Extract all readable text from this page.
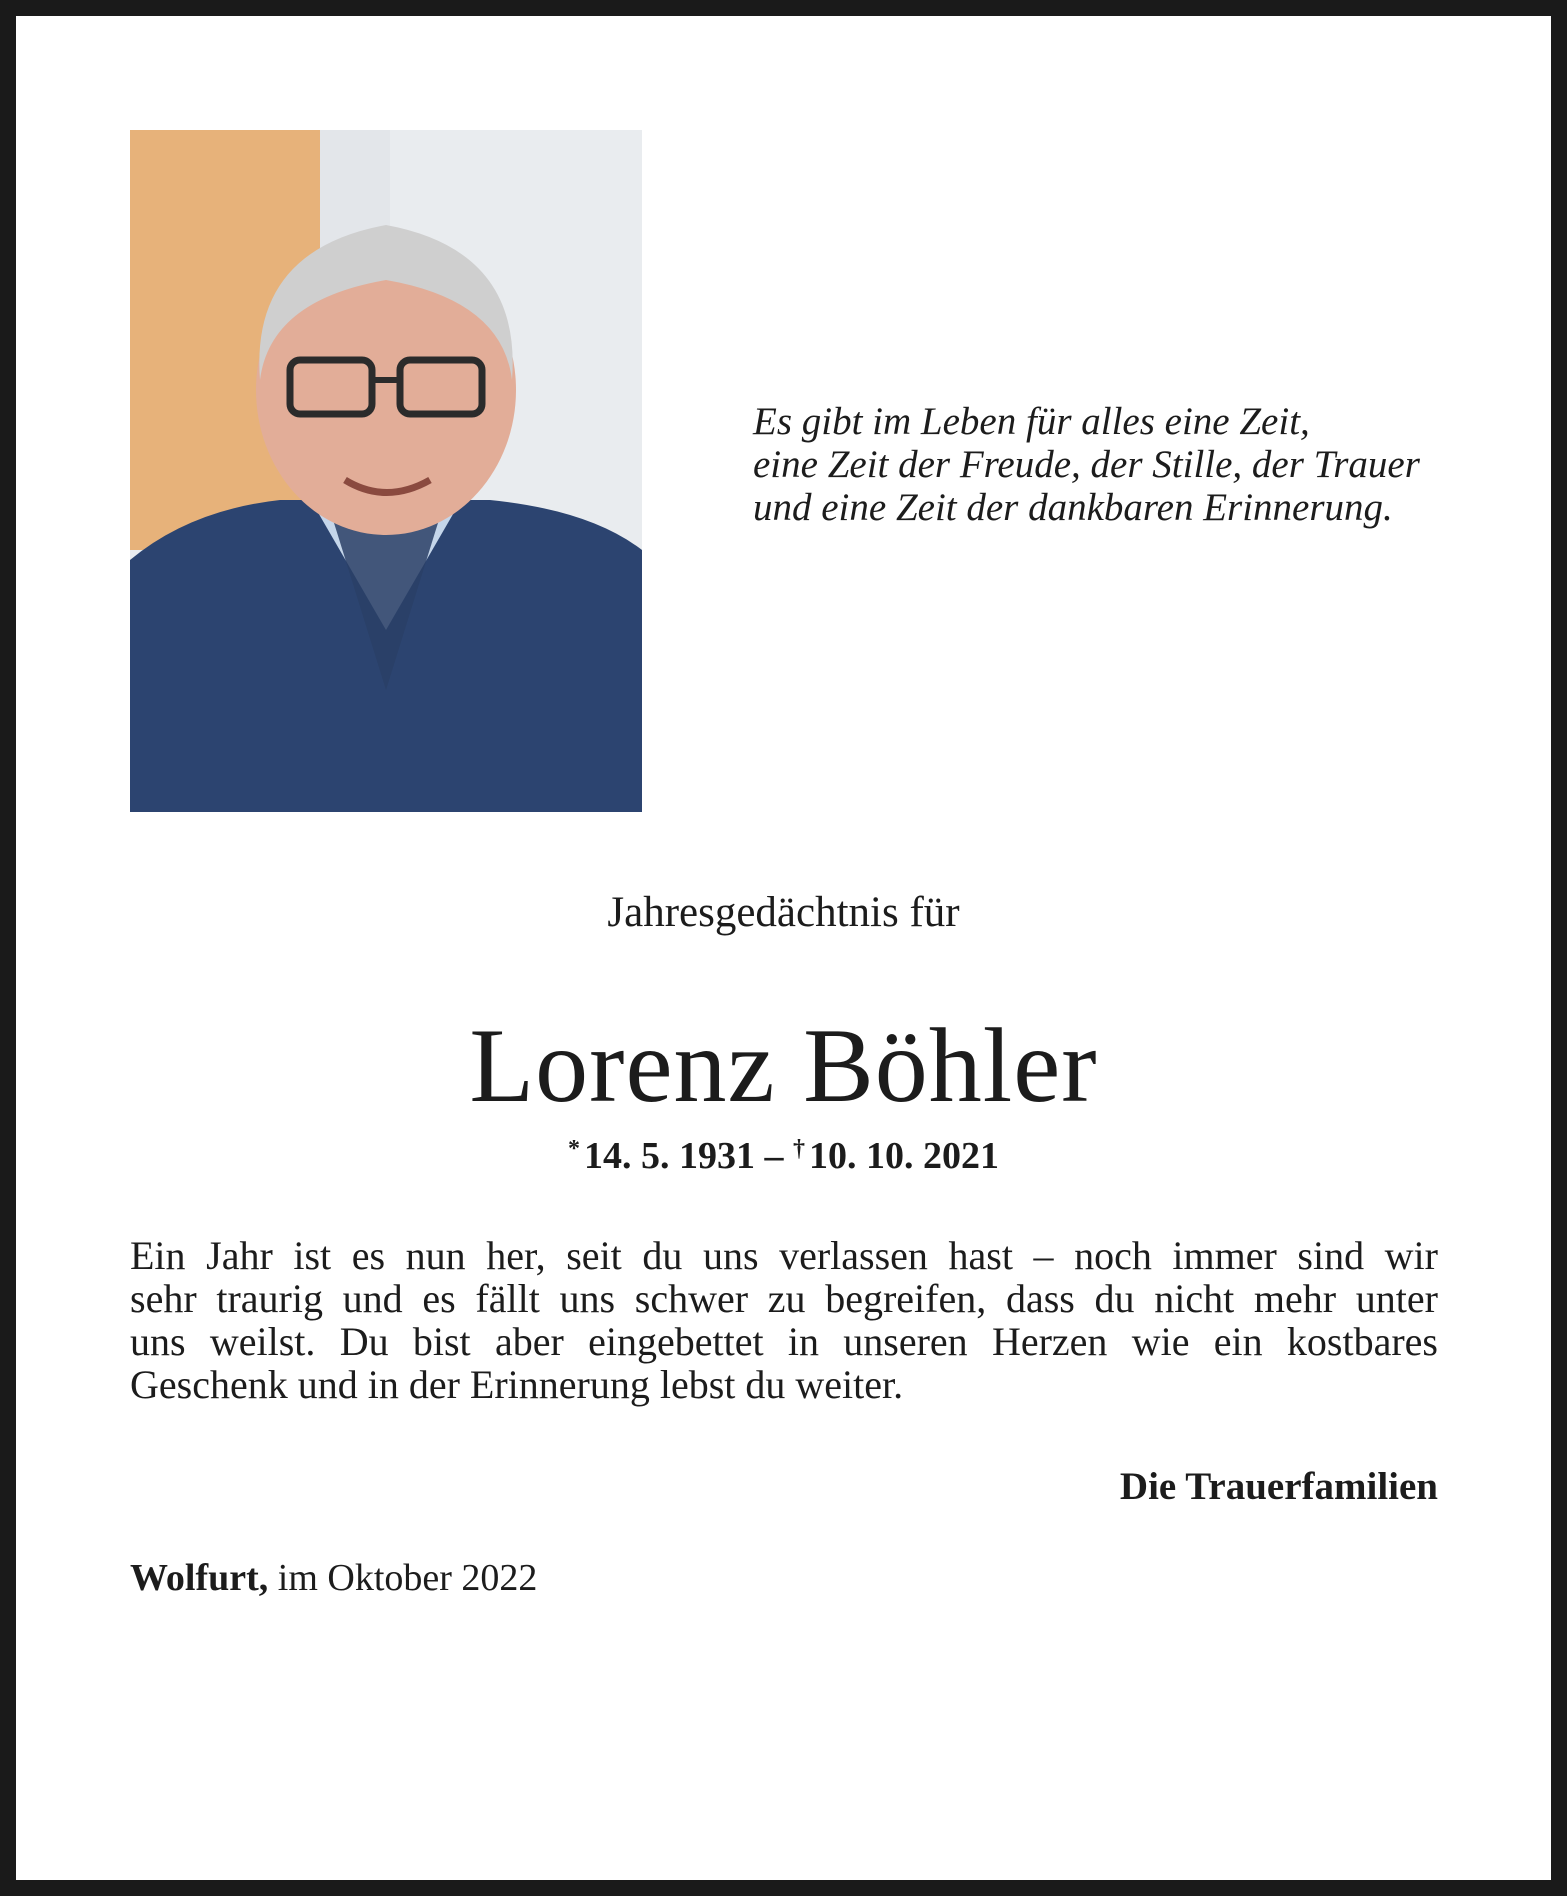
Es gibt im Leben für alles eine Zeit,
eine Zeit der Freude, der Stille, der Trauer
und eine Zeit der dankbaren Erinnerung.
Jahresgedächtnis für
Lorenz Böhler
* 14. 5. 1931 – † 10. 10. 2021
Ein Jahr ist es nun her, seit du uns verlassen hast – noch immer sind wir
sehr traurig und es fällt uns schwer zu begreifen, dass du nicht mehr unter
uns weilst. Du bist aber eingebettet in unseren Herzen wie ein kostbares
Geschenk und in der Erinnerung lebst du weiter.
Die Trauerfamilien
Wolfurt, im Oktober 2022
